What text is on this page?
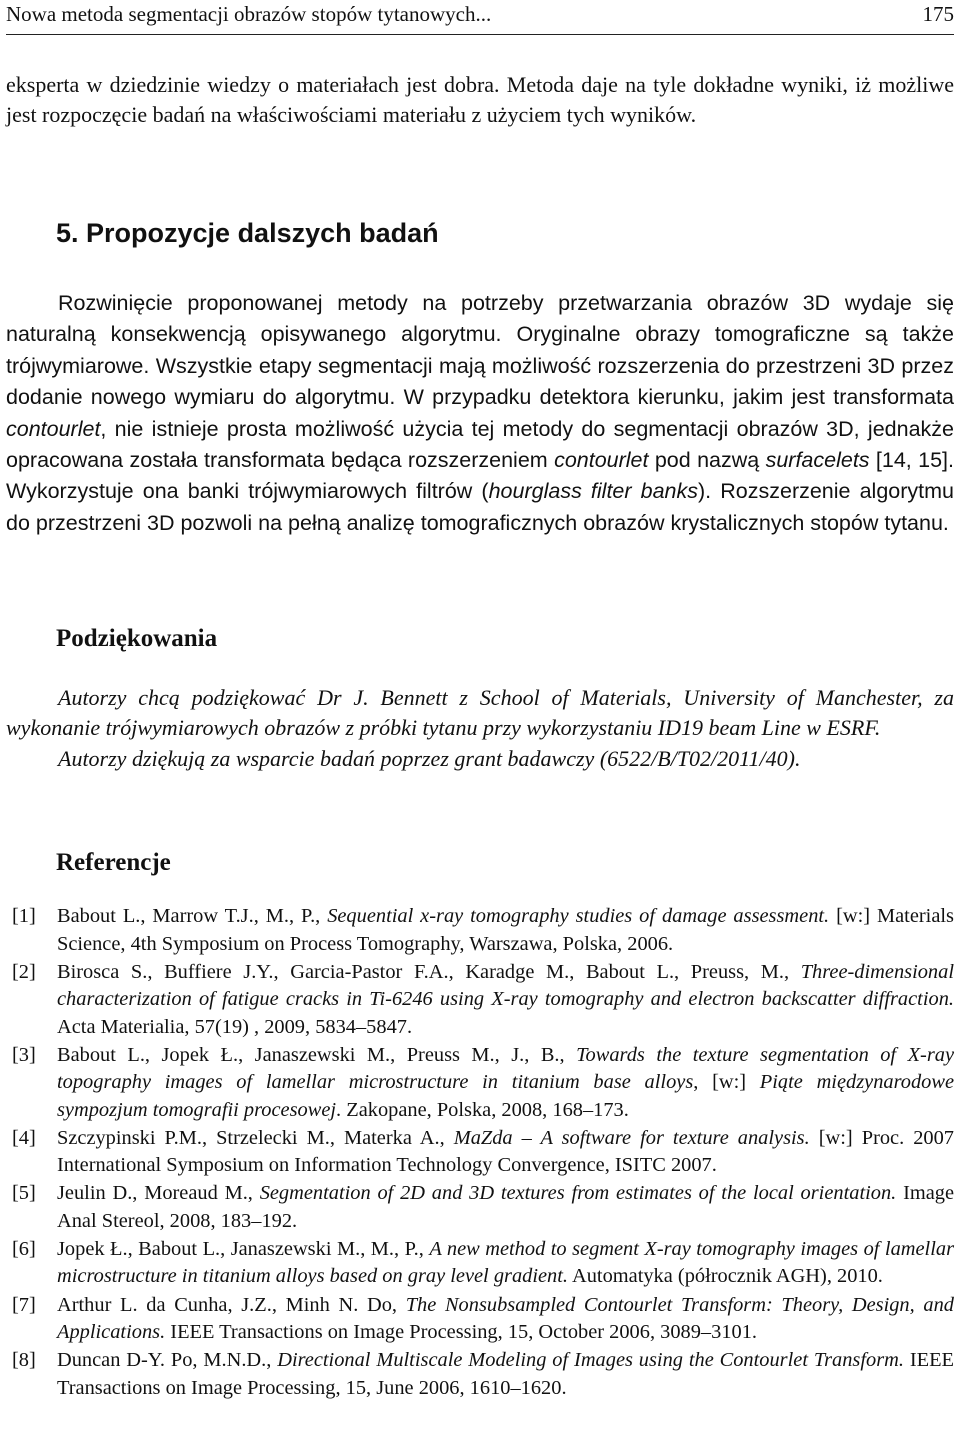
Nowa metoda segmentacji obrazów stopów tytanowych...	175

eksperta w dziedzinie wiedzy o materiałach jest dobra. Metoda daje na tyle dokładne wyniki, iż możliwe jest rozpoczęcie badań na właściwościami materiału z użyciem tych wyników.

5. Propozycje dalszych badań

Rozwinięcie proponowanej metody na potrzeby przetwarzania obrazów 3D wydaje się naturalną konsekwencją opisywanego algorytmu. Oryginalne obrazy tomograficzne są także trójwymiarowe. Wszystkie etapy segmentacji mają możliwość rozszerzenia do przestrzeni 3D przez dodanie nowego wymiaru do algorytmu. W przypadku detektora kierunku, jakim jest transformata contourlet, nie istnieje prosta możliwość użycia tej metody do segmentacji obrazów 3D, jednakże opracowana została transformata będąca rozszerzeniem contourlet pod nazwą surfacelets [14, 15]. Wykorzystuje ona banki trójwymiarowych filtrów (hourglass filter banks). Rozszerzenie algorytmu do przestrzeni 3D pozwoli na pełną analizę tomograficznych obrazów krystalicznych stopów tytanu.

Podziękowania

Autorzy chcą podziękować Dr J. Bennett z School of Materials, University of Manchester, za wykonanie trójwymiarowych obrazów z próbki tytanu przy wykorzystaniu ID19 beam Line w ESRF.
Autorzy dziękują za wsparcie badań poprzez grant badawczy (6522/B/T02/2011/40).

Referencje
[1] Babout L., Marrow T.J., M., P., Sequential x-ray tomography studies of damage assessment. [w:] Materials Science, 4th Symposium on Process Tomography, Warszawa, Polska, 2006.
[2] Birosca S., Buffiere J.Y., Garcia-Pastor F.A., Karadge M., Babout L., Preuss, M., Three-dimensional characterization of fatigue cracks in Ti-6246 using X-ray tomography and electron backscatter diffraction. Acta Materialia, 57(19) , 2009, 5834–5847.
[3] Babout L., Jopek Ł., Janaszewski M., Preuss M., J., B., Towards the texture segmentation of X-ray topography images of lamellar microstructure in titanium base alloys, [w:] Piąte międzynarodowe sympozjum tomografii procesowej. Zakopane, Polska, 2008, 168–173.
[4] Szczypinski P.M., Strzelecki M., Materka A., MaZda – A software for texture analysis. [w:] Proc. 2007 International Symposium on Information Technology Convergence, ISITC 2007.
[5] Jeulin D., Moreaud M., Segmentation of 2D and 3D textures from estimates of the local orientation. Image Anal Stereol, 2008, 183–192.
[6] Jopek Ł., Babout L., Janaszewski M., M., P., A new method to segment X-ray tomography images of lamellar microstructure in titanium alloys based on gray level gradient. Automatyka (półrocznik AGH), 2010.
[7] Arthur L. da Cunha, J.Z., Minh N. Do, The Nonsubsampled Contourlet Transform: Theory, Design, and Applications. IEEE Transactions on Image Processing, 15, October 2006, 3089–3101.
[8] Duncan D-Y. Po, M.N.D., Directional Multiscale Modeling of Images using the Contourlet Transform. IEEE Transactions on Image Processing, 15, June 2006, 1610–1620.
